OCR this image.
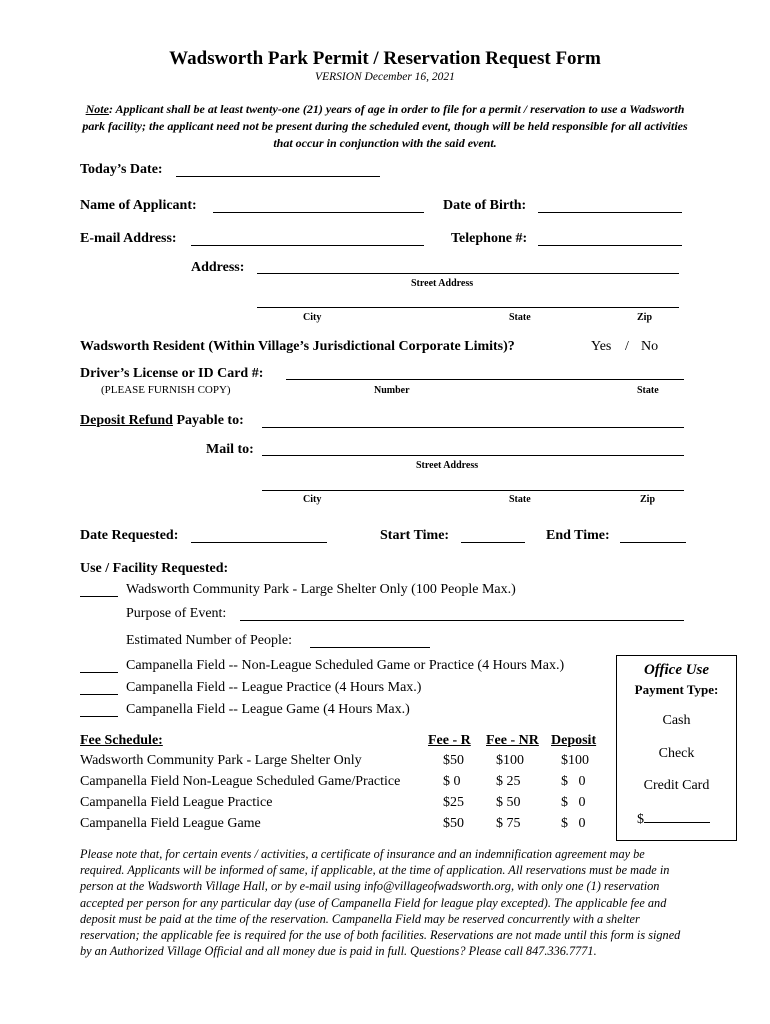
Wadsworth Park Permit / Reservation Request Form
VERSION December 16, 2021
Note: Applicant shall be at least twenty-one (21) years of age in order to file for a permit / reservation to use a Wadsworth park facility; the applicant need not be present during the scheduled event, though will be held responsible for all activities that occur in conjunction with the said event.
Today’s Date:
Name of Applicant:	Date of Birth:
E-mail Address:	Telephone #:
Address:
Street Address
City	State	Zip
Wadsworth Resident (Within Village’s Jurisdictional Corporate Limits)?	Yes / No
Driver’s License or ID Card #:
(PLEASE FURNISH COPY)	Number	State
Deposit Refund Payable to:
Mail to:
Street Address
City	State	Zip
Date Requested:	Start Time:	End Time:
Use / Facility Requested:
Wadsworth Community Park - Large Shelter Only (100 People Max.)
Purpose of Event:
Estimated Number of People:
Campanella Field -- Non-League Scheduled Game or Practice (4 Hours Max.)
Campanella Field -- League Practice (4 Hours Max.)
Campanella Field -- League Game (4 Hours Max.)
Office Use
Payment Type:
Cash
Check
Credit Card
$
Fee Schedule:	Fee - R Fee - NR Deposit
Wadsworth Community Park - Large Shelter Only	$50 $100	$100
Campanella Field Non-League Scheduled Game/Practice	$ 0	$ 25	$   0
Campanella Field League Practice	$25 $ 50	$   0
Campanella Field League Game	$50 $ 75	$   0
Please note that, for certain events / activities, a certificate of insurance and an indemnification agreement may be required. Applicants will be informed of same, if applicable, at the time of application. All reservations must be made in person at the Wadsworth Village Hall, or by e-mail using info@villageofwadsworth.org, with only one (1) reservation accepted per person for any particular day (use of Campanella Field for league play excepted). The applicable fee and deposit must be paid at the time of the reservation. Campanella Field may be reserved concurrently with a shelter reservation; the applicable fee is required for the use of both facilities. Reservations are not made until this form is signed by an Authorized Village Official and all money due is paid in full. Questions? Please call 847.336.7771.
